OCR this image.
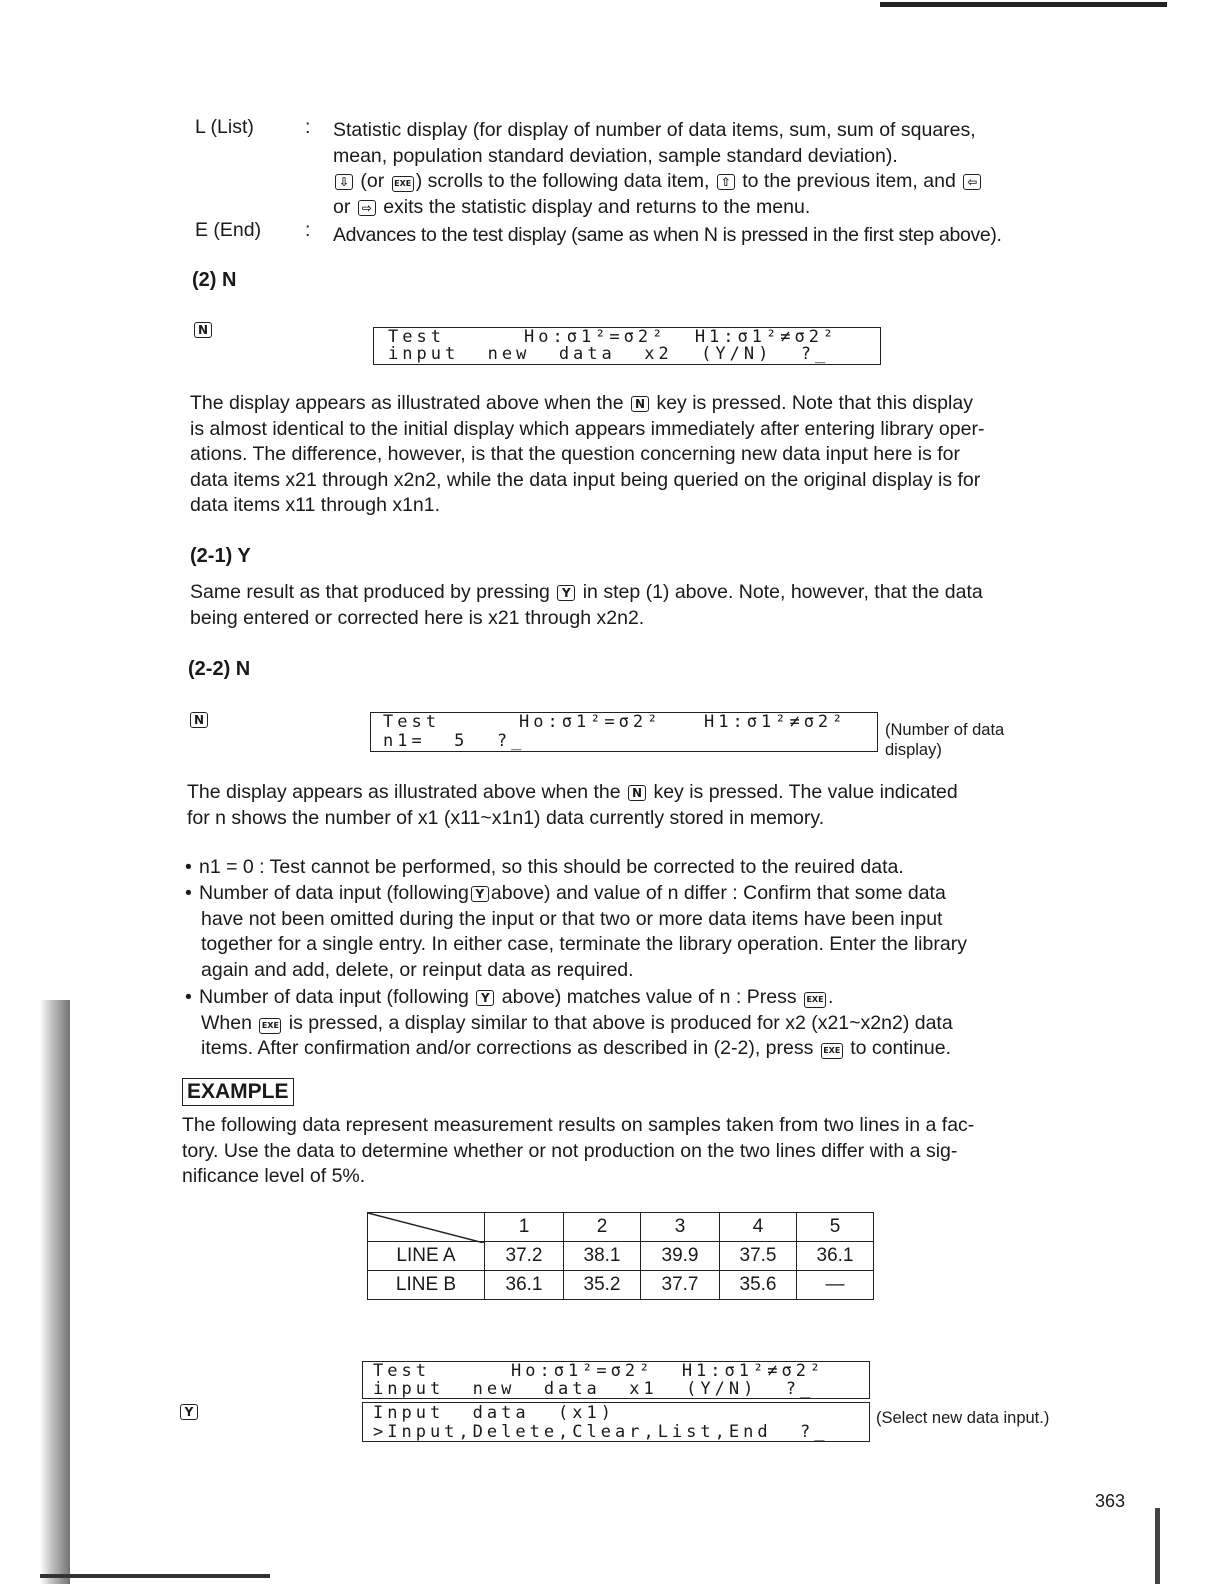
L (List)	: Statistic display (for display of number of data items, sum, sum of squares,
mean, population standard deviation, sample standard deviation).
⇩ (or EXE ) scrolls to the following data item, ⇧ to the previous item, and ⇦
or ⇨ exits the statistic display and returns to the menu.
E (End) : Advances to the test display (same as when N is pressed in the first step above).
(2) N
N

	Test

	Ho:σ1²=σ2²  H1:σ1²≠σ2²

input  new  data  x2  (Y/N)  ?_

The display appears as illustrated above when the N key is pressed. Note that this display
is almost identical to the initial display which appears immediately after entering library oper-
ations. The difference, however, is that the question concerning new data input here is for
data items x21 through x2n2, while the data input being queried on the original display is for
data items x11 through x1n1.
(2-1) Y
Same result as that produced by pressing Y in step (1) above. Note, however, that the data
being entered or corrected here is x21 through x2n2.
(2-2) N
N

	Test

	Ho:σ1²=σ2²   H1:σ1²≠σ2²

n1=  5  ?_

(Number of data
display)
The display appears as illustrated above when the N key is pressed. The value indicated
for n shows the number of x1 (x11~x1n1) data currently stored in memory.
• n1 = 0 : Test cannot be performed, so this should be corrected to the reuired data.
• Number of data input (following Y above) and value of n differ : Confirm that some data
have not been omitted during the input or that two or more data items have been input
together for a single entry. In either case, terminate the library operation. Enter the library
again and add, delete, or reinput data as required.
• Number of data input (following Y above) matches value of n : Press EXE .
When EXE is pressed, a display similar to that above is produced for x2 (x21~x2n2) data
items. After confirmation and/or corrections as described in (2-2), press EXE to continue.
EXAMPLE
The following data represent measurement results on samples taken from two lines in a fac-
tory. Use the data to determine whether or not production on the two lines differ with a sig-
nificance level of 5%.
	1	2	3	4	5
LINE A	37.2	38.1	39.9	37.5	36.1
LINE B	36.1	35.2	37.7	35.6	—
Y

Test

	Ho:σ1²=σ2²  H1:σ1²≠σ2²

input  new  data  x1  (Y/N)  ?_

Input  data  (x1)

>Input,Delete,Clear,List,End  ?_

(Select new data input.)
363
